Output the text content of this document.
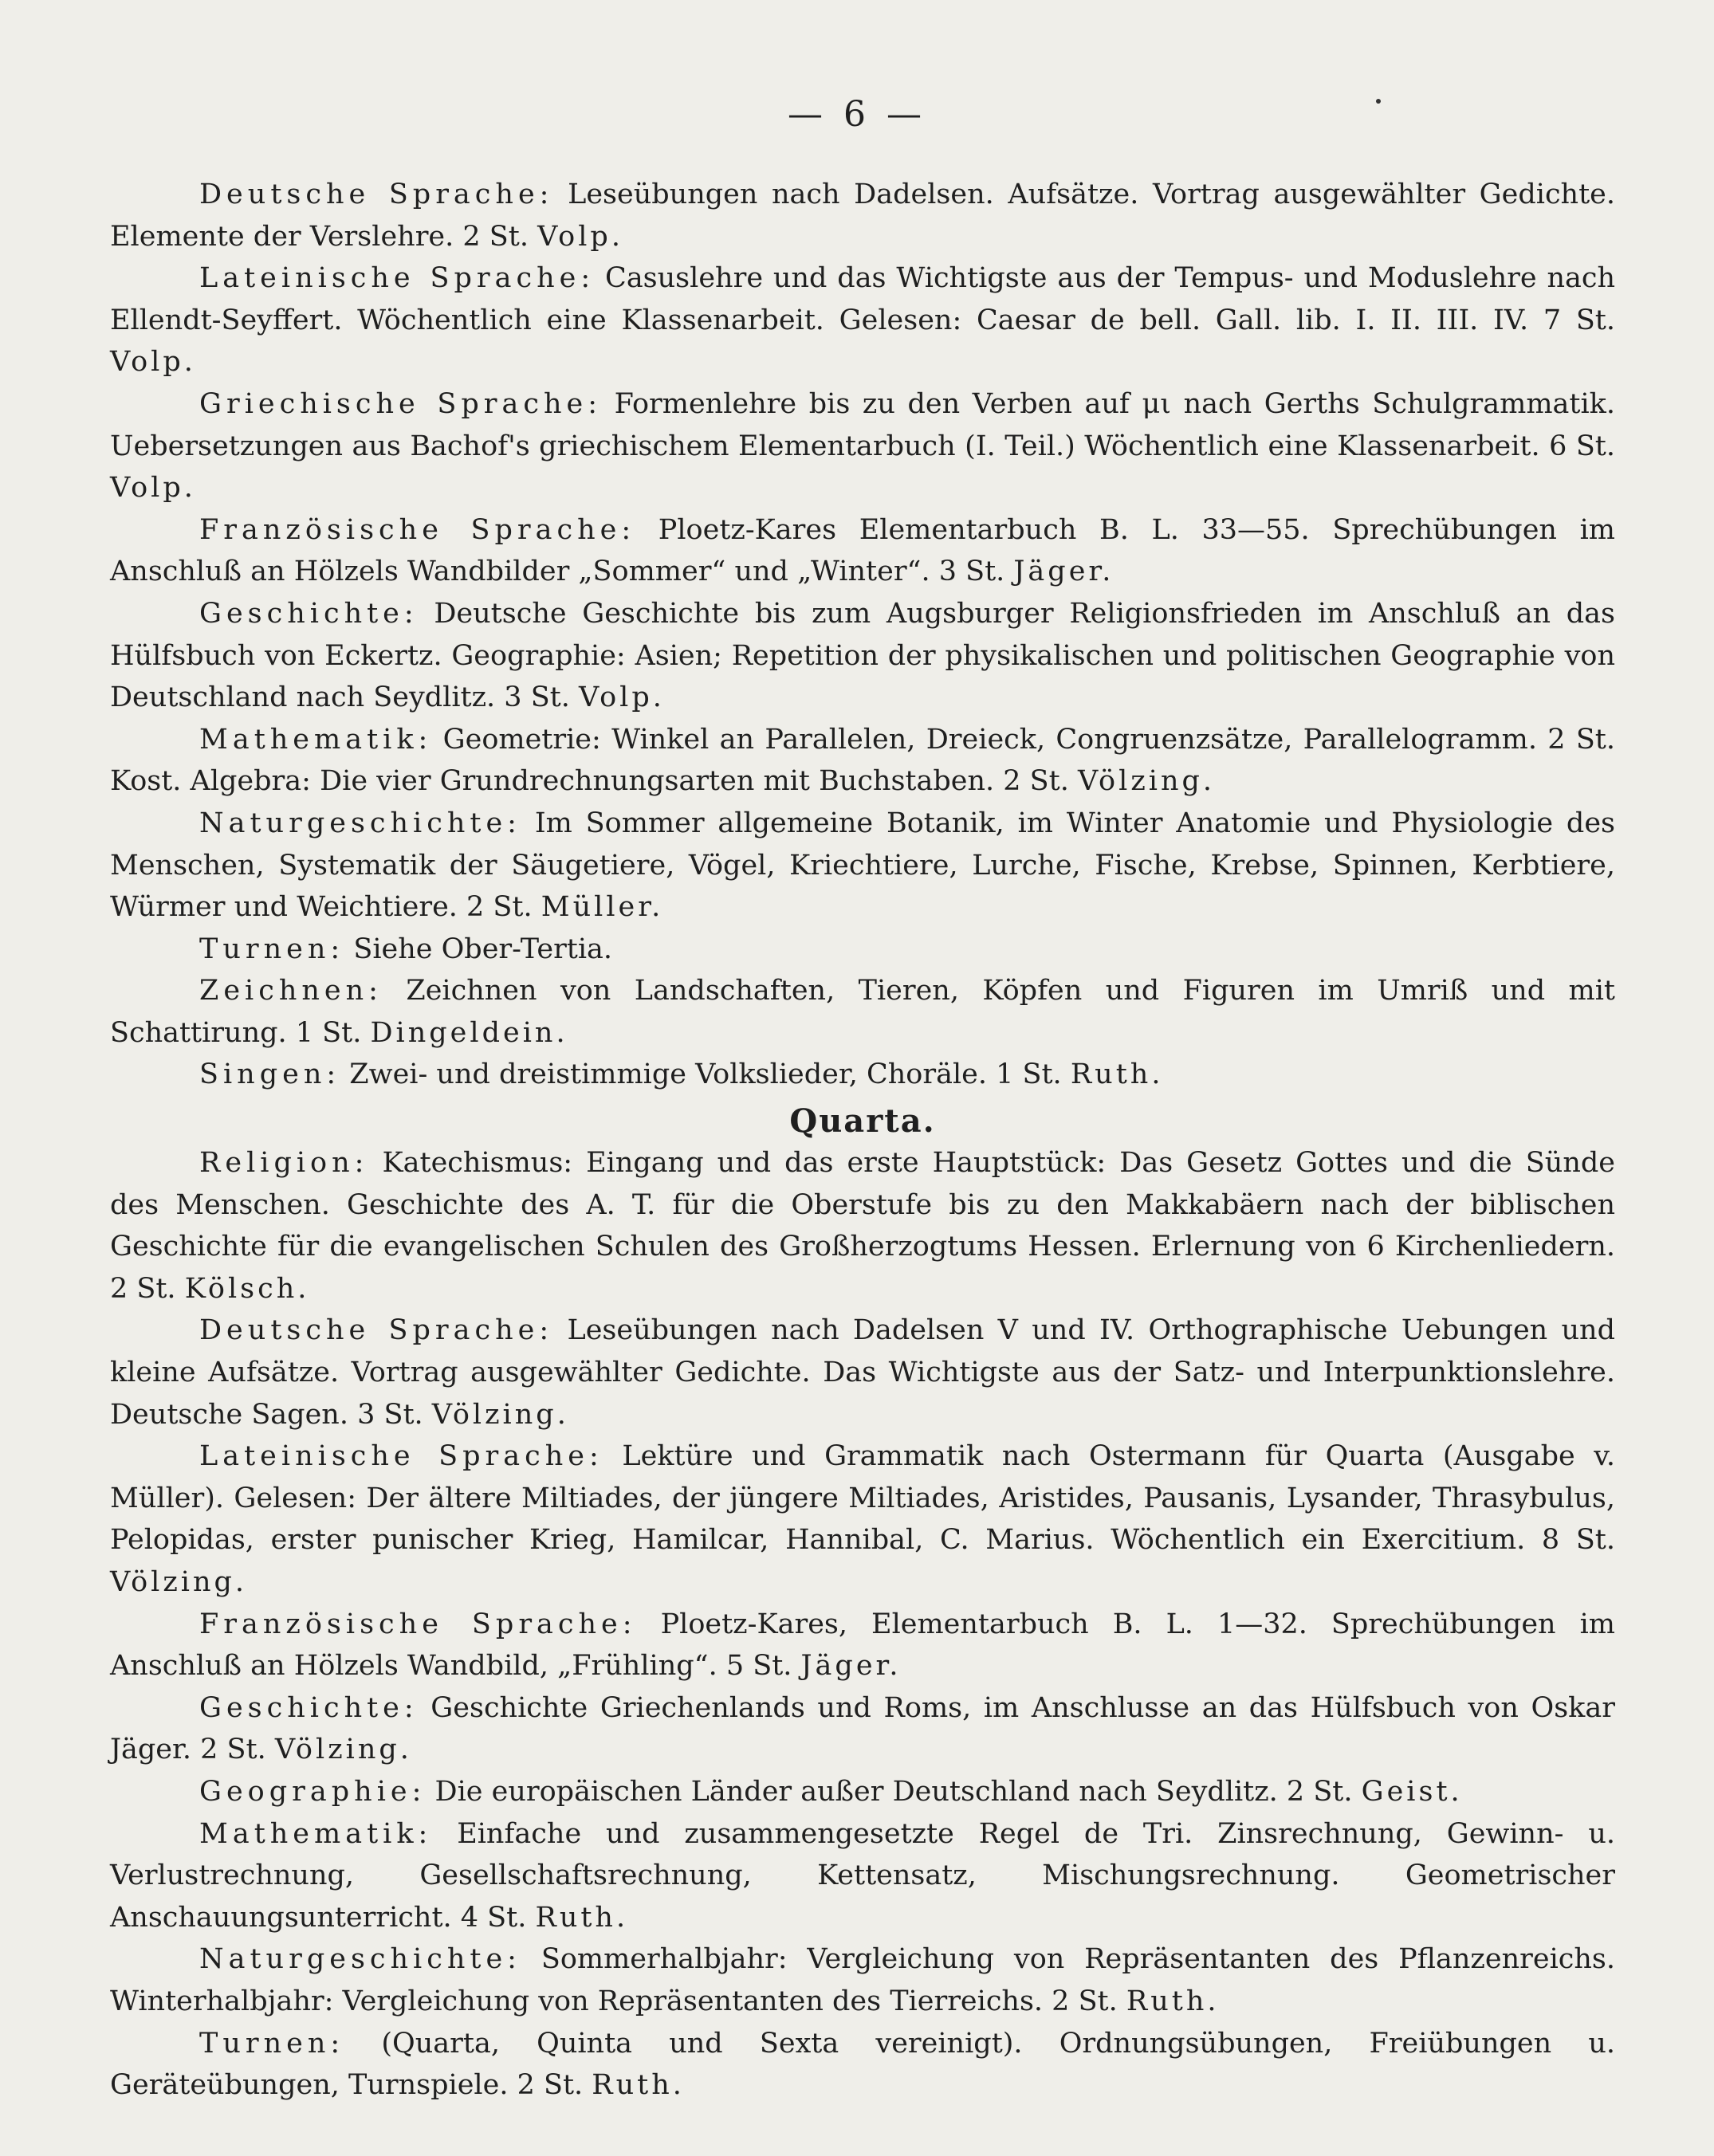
— 6 —

Deutsche Sprache: Leseübungen nach Dadelsen. Aufsätze. Vortrag ausgewählter Gedichte. Elemente der Verslehre. 2 St. Volp.

Lateinische Sprache: Casuslehre und das Wichtigste aus der Tempus- und Moduslehre nach Ellendt-Seyffert. Wöchentlich eine Klassenarbeit. Gelesen: Caesar de bell. Gall. lib. I. II. III. IV. 7 St. Volp.

Griechische Sprache: Formenlehre bis zu den Verben auf μι nach Gerths Schulgrammatik. Uebersetzungen aus Bachof's griechischem Elementarbuch (I. Teil.) Wöchentlich eine Klassenarbeit. 6 St. Volp.

Französische Sprache: Ploetz-Kares Elementarbuch B. L. 33—55. Sprechübungen im Anschluß an Hölzels Wandbilder „Sommer“ und „Winter“. 3 St. Jäger.

Geschichte: Deutsche Geschichte bis zum Augsburger Religionsfrieden im Anschluß an das Hülfsbuch von Eckertz. Geographie: Asien; Repetition der physikalischen und politischen Geographie von Deutschland nach Seydlitz. 3 St. Volp.

Mathematik: Geometrie: Winkel an Parallelen, Dreieck, Congruenzsätze, Parallelogramm. 2 St. Kost. Algebra: Die vier Grundrechnungsarten mit Buchstaben. 2 St. Völzing.

Naturgeschichte: Im Sommer allgemeine Botanik, im Winter Anatomie und Physiologie des Menschen, Systematik der Säugetiere, Vögel, Kriechtiere, Lurche, Fische, Krebse, Spinnen, Kerbtiere, Würmer und Weichtiere. 2 St. Müller.

Turnen: Siehe Ober-Tertia.

Zeichnen: Zeichnen von Landschaften, Tieren, Köpfen und Figuren im Umriß und mit Schattirung. 1 St. Dingeldein.

Singen: Zwei- und dreistimmige Volkslieder, Choräle. 1 St. Ruth.

Quarta.

Religion: Katechismus: Eingang und das erste Hauptstück: Das Gesetz Gottes und die Sünde des Menschen. Geschichte des A. T. für die Oberstufe bis zu den Makkabäern nach der biblischen Geschichte für die evangelischen Schulen des Großherzogtums Hessen. Erlernung von 6 Kirchenliedern. 2 St. Kölsch.

Deutsche Sprache: Leseübungen nach Dadelsen V und IV. Orthographische Uebungen und kleine Aufsätze. Vortrag ausgewählter Gedichte. Das Wichtigste aus der Satz- und Interpunktionslehre. Deutsche Sagen. 3 St. Völzing.

Lateinische Sprache: Lektüre und Grammatik nach Ostermann für Quarta (Ausgabe v. Müller). Gelesen: Der ältere Miltiades, der jüngere Miltiades, Aristides, Pausanis, Lysander, Thrasybulus, Pelopidas, erster punischer Krieg, Hamilcar, Hannibal, C. Marius. Wöchentlich ein Exercitium. 8 St. Völzing.

Französische Sprache: Ploetz-Kares, Elementarbuch B. L. 1—32. Sprechübungen im Anschluß an Hölzels Wandbild, „Frühling“. 5 St. Jäger.

Geschichte: Geschichte Griechenlands und Roms, im Anschlusse an das Hülfsbuch von Oskar Jäger. 2 St. Völzing.

Geographie: Die europäischen Länder außer Deutschland nach Seydlitz. 2 St. Geist.

Mathematik: Einfache und zusammengesetzte Regel de Tri. Zinsrechnung, Gewinn- u. Verlustrechnung, Gesellschaftsrechnung, Kettensatz, Mischungsrechnung. Geometrischer Anschauungsunterricht. 4 St. Ruth.

Naturgeschichte: Sommerhalbjahr: Vergleichung von Repräsentanten des Pflanzenreichs. Winterhalbjahr: Vergleichung von Repräsentanten des Tierreichs. 2 St. Ruth.

Turnen: (Quarta, Quinta und Sexta vereinigt). Ordnungsübungen, Freiübungen u. Geräteübungen, Turnspiele. 2 St. Ruth.
